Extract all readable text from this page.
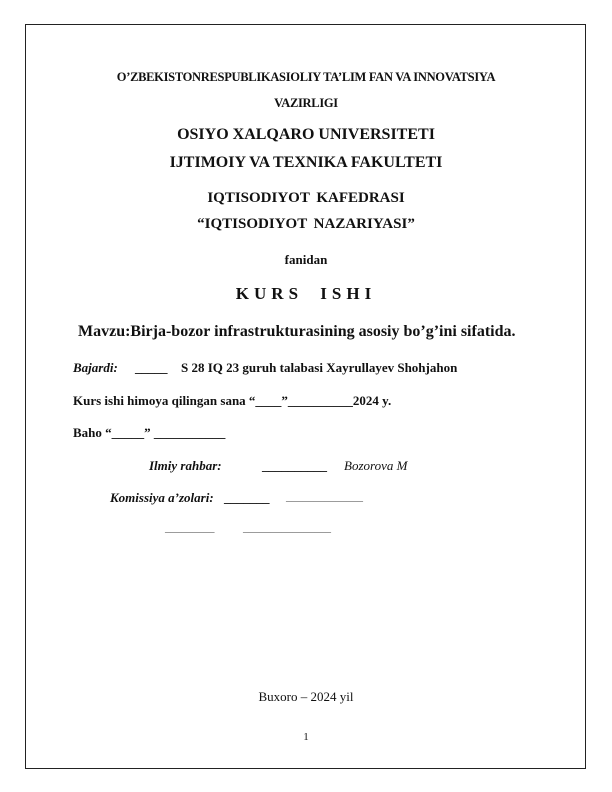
O’ZBEKISTONRESPUBLIKASIOLIY TA’LIM FAN VA INNOVATSIYA
VAZIRLIGI
OSIYO XALQARO UNIVERSITETI
IJTIMOIY VA TEXNIKA FAKULTETI
IQTISODIYOT KAFEDRASI
“IQTISODIYOT NAZARIYASI”
fanidan
KURS ISHI
Mavzu:Birja-bozor infrastrukturasining asosiy bo’g’ini sifatida.
Bajardi: _____ S 28 IQ 23 guruh talabasi Xayrullayev Shohjahon
Kurs ishi himoya qilingan sana “____”__________2024 y.
Baho “_____” ___________
Ilmiy rahbar:	__________ Bozorova M
Komissiya a’zolari: _______ ______________
_________	________________
Buxoro – 2024 yil
1
